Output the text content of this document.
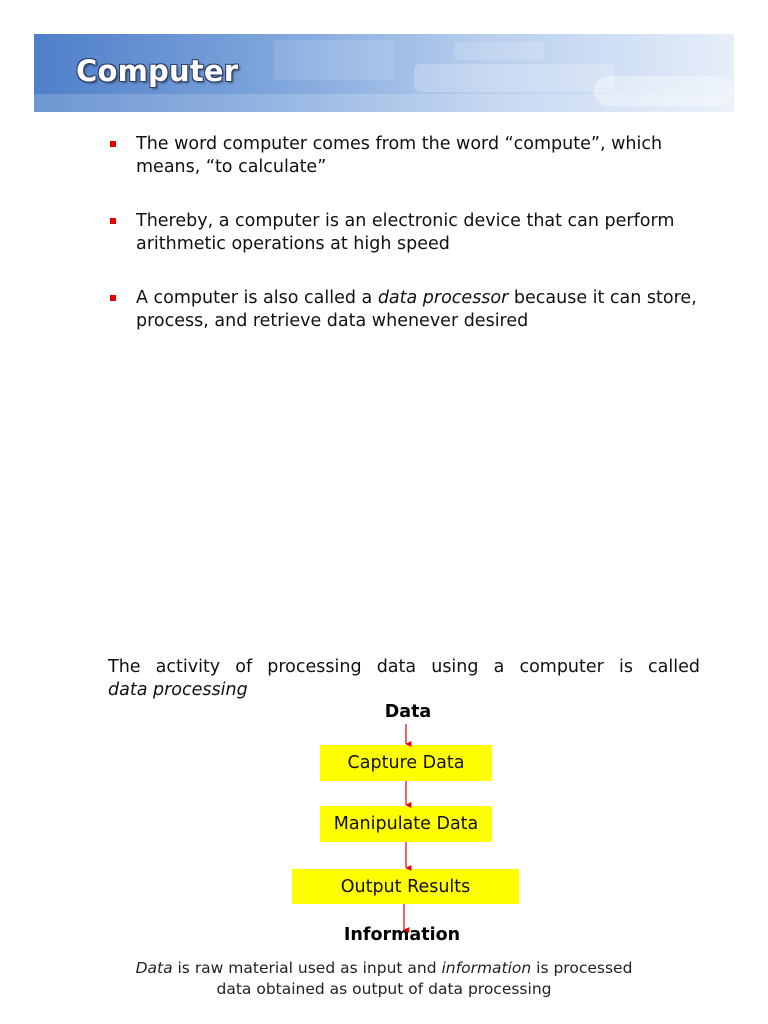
Computer
The word computer comes from the word “compute”, which means, “to calculate”
Thereby, a computer is an electronic device that can perform arithmetic operations at high speed
A computer is also called a data processor because it can store, process, and retrieve data whenever desired

The activity of processing data using a computer is called
data processing

Data

Capture Data
Manipulate Data
Output Results

Information

Data is raw material used as input and information is processed data obtained as output of data processing
